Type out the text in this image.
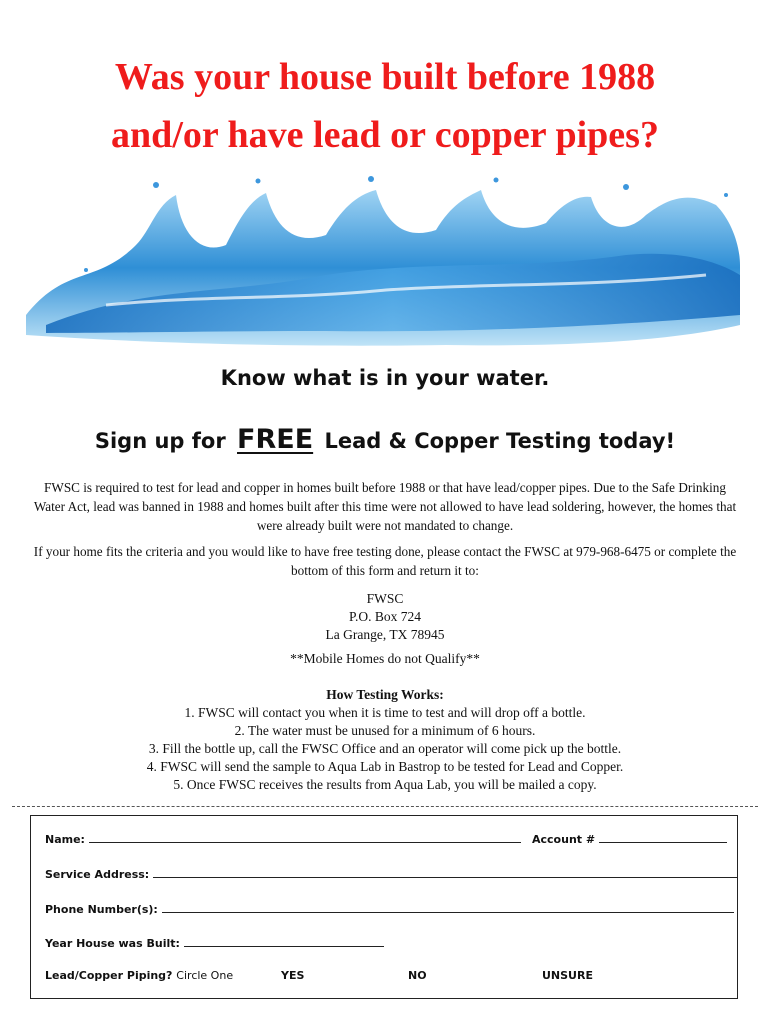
Was your house built before 1988
and/or have lead or copper pipes?
Know what is in your water.
Sign up for FREE Lead & Copper Testing today!
FWSC is required to test for lead and copper in homes built before 1988 or that have lead/copper pipes. Due to the Safe Drinking Water Act, lead was banned in 1988 and homes built after this time were not allowed to have lead soldering, however, the homes that were already built were not mandated to change.
If your home fits the criteria and you would like to have free testing done, please contact the FWSC at 979-968-6475 or complete the bottom of this form and return it to:
FWSC
P.O. Box 724
La Grange, TX 78945
**Mobile Homes do not Qualify**
How Testing Works:
1. FWSC will contact you when it is time to test and will drop off a bottle.
2. The water must be unused for a minimum of 6 hours.
3. Fill the bottle up, call the FWSC Office and an operator will come pick up the bottle.
4. FWSC will send the sample to Aqua Lab in Bastrop to be tested for Lead and Copper.
5. Once FWSC receives the results from Aqua Lab, you will be mailed a copy.
Name:	Account #
Service Address:
Phone Number(s):
Year House was Built:
Lead/Copper Piping? Circle One	YES	NO	UNSURE
